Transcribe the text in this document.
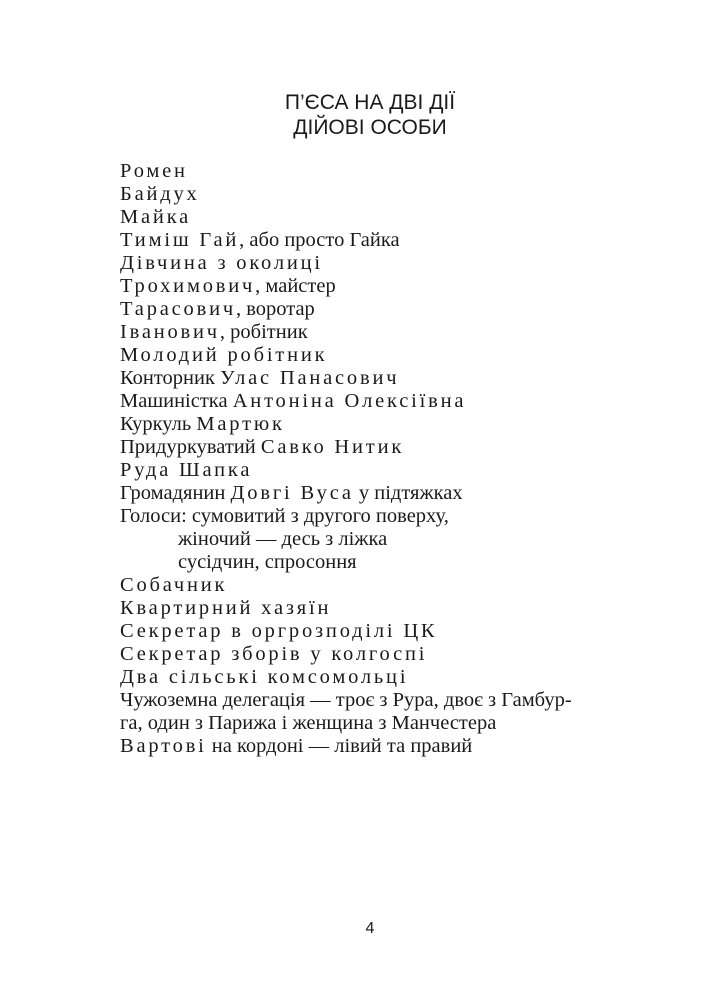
П’ЄСА НА ДВІ ДІЇ
ДІЙОВІ ОСОБИ
Ромен
Байдух
Майка
Тиміш Гай, або просто Гайка
Дівчина з околиці
Трохимович, майстер
Тарасович, воротар
Іванович, робітник
Молодий робітник
Конторник Улас Панасович
Машиністка Антоніна Олексіївна
Куркуль Мартюк
Придуркуватий Савко Нитик
Руда Шапка
Громадянин Довгі Вуса у підтяжках
Голоси: сумовитий з другого поверху,
жіночий — десь з ліжка
сусідчин, спросоння
Собачник
Квартирний хазяїн
Секретар в оргрозподілі ЦК
Секретар зборів у колгоспі
Два сільські комсомольці
Чужоземна делегація — троє з Рура, двоє з Гамбур-
га, один з Парижа і женщина з Манчестера
Вартові на кордоні — лівий та правий
4
